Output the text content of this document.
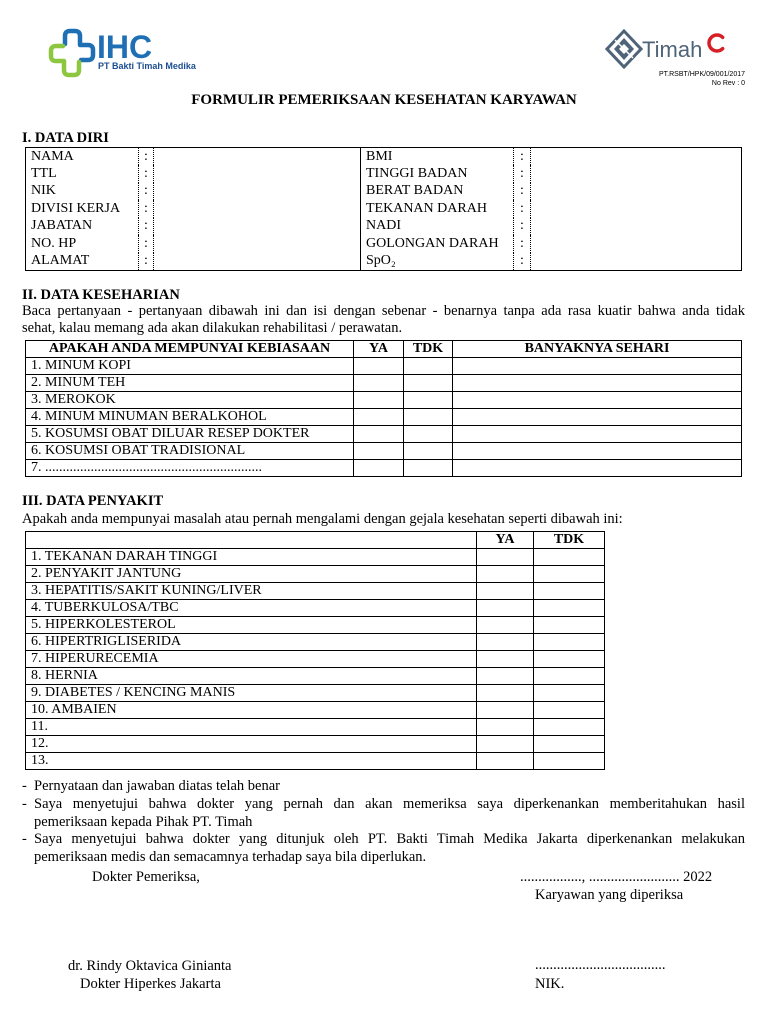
IHC
PT Bakti Timah Medika
Timah
PT.RSBT/HPK/09/001/2017
No Rev : 0
FORMULIR PEMERIKSAAN KESEHATAN KARYAWAN
I. DATA DIRI
NAMA	:		BMI	:	
TTL	:		TINGGI BADAN	:	
NIK	:		BERAT BADAN	:	
DIVISI KERJA	:		TEKANAN DARAH	:	
JABATAN	:		NADI	:	
NO. HP	:		GOLONGAN DARAH	:	
ALAMAT	:		SpO₂	:	
II. DATA KESEHARIAN
Baca pertanyaan - pertanyaan dibawah ini dan isi dengan sebenar - benarnya tanpa ada rasa kuatir bahwa anda tidak
sehat, kalau memang ada akan dilakukan rehabilitasi / perawatan.
APAKAH ANDA MEMPUNYAI KEBIASAAN	YA	TDK	BANYAKNYA SEHARI
1. MINUM KOPI			
2. MINUM TEH			
3. MEROKOK			
4. MINUM MINUMAN BERALKOHOL			
5. KOSUMSI OBAT DILUAR RESEP DOKTER			
6. KOSUMSI OBAT TRADISIONAL			
7. ..............................................................			
III. DATA PENYAKIT
Apakah anda mempunyai masalah atau pernah mengalami dengan gejala kesehatan seperti dibawah ini:
	YA	TDK
1. TEKANAN DARAH TINGGI		
2. PENYAKIT JANTUNG		
3. HEPATITIS/SAKIT KUNING/LIVER		
4. TUBERKULOSA/TBC		
5. HIPERKOLESTEROL		
6. HIPERTRIGLISERIDA		
7. HIPERURECEMIA		
8. HERNIA		
9. DIABETES / KENCING MANIS		
10. AMBAIEN		
11.		
12.		
13.		
- Pernyataan dan jawaban diatas telah benar
- Saya menyetujui bahwa dokter yang pernah dan akan memeriksa saya diperkenankan memberitahukan hasil
pemeriksaan kepada Pihak PT. Timah
- Saya menyetujui bahwa dokter yang ditunjuk oleh PT. Bakti Timah Medika Jakarta diperkenankan melakukan
pemeriksaan medis dan semacamnya terhadap saya bila diperlukan.
Dokter Pemeriksa,	................., ......................... 2022
Karyawan yang diperiksa
dr. Rindy Oktavica Ginianta	....................................
Dokter Hiperkes Jakarta	NIK.
